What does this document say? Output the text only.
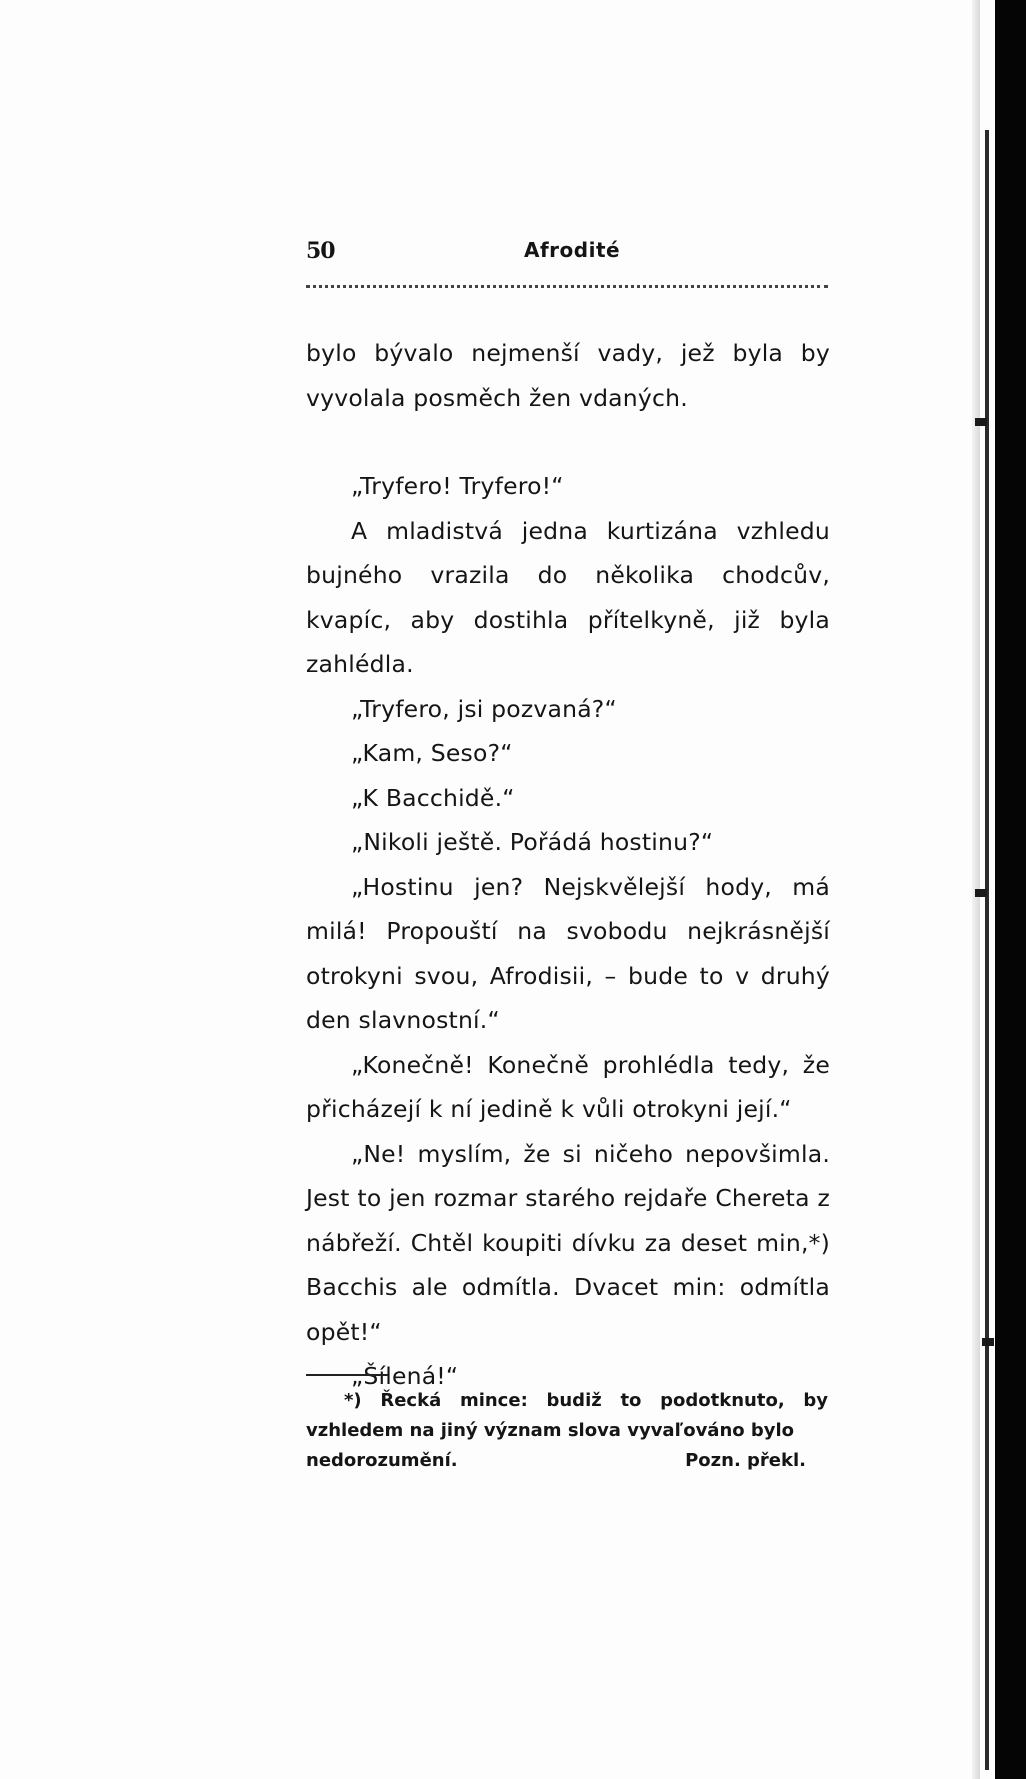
50	Afrodité

bylo bývalo nejmenší vady, jež byla by vyvolala posměch žen vdaných.

„Tryfero! Tryfero!“

A mladistvá jedna kurtizána vzhledu bujného vrazila do několika chodcův, kvapíc, aby dostihla přítelkyně, již byla zahlédla.

„Tryfero, jsi pozvaná?“

„Kam, Seso?“

„K Bacchidě.“

„Nikoli ještě. Pořádá hostinu?“

„Hostinu jen? Nejskvělejší hody, má milá! Propouští na svobodu nejkrásnější otrokyni svou, Afrodisii, – bude to v druhý den slavnostní.“

„Konečně! Konečně prohlédla tedy, že přicházejí k ní jedině k vůli otrokyni její.“

„Ne! myslím, že si ničeho nepovšimla. Jest to jen rozmar starého rejdaře Chereta z nábřeží. Chtěl koupiti dívku za deset min,*) Bacchis ale odmítla. Dvacet min: odmítla opět!“

„Šílená!“

*) Řecká mince: budiž to podotknuto, by vzhledem na jiný význam slova vyvaľováno bylo

nedorozumění.	Pozn. překl.
